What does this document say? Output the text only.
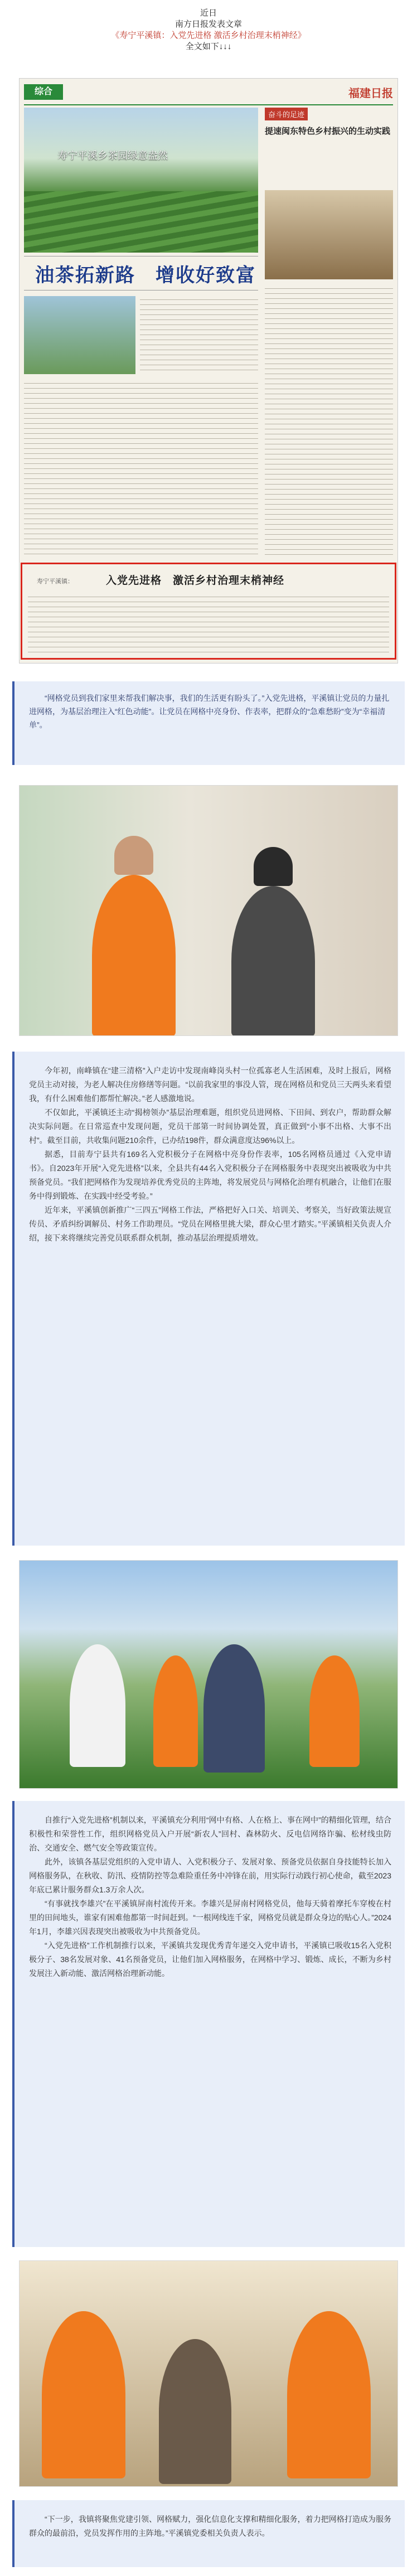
近日
南方日报发表文章
《寿宁平溪镇：入党先进格 激活乡村治理末梢神经》
全文如下↓↓↓
综合	福建日报
寿宁平溪乡茶园绿意盎然
油茶拓新路　增收好致富
奋斗的足迹
提速闽东特色乡村振兴的生动实践
寿宁平溪镇：	入党先进格　激活乡村治理末梢神经

“网格党员到我们家里来帮我们解决事，我们的生活更有盼头了。”入党先进格，平溪镇让党员的力量扎进网格，为基层治理注入“红色动能”。让党员在网格中亮身份、作表率，把群众的“急难愁盼”变为“幸福清单”。

今年初，南峰镇在“建三清格”入户走访中发现南峰岗头村一位孤寡老人生活困难，及时上报后，网格党员主动对接，为老人解决住房修缮等问题。“以前我家里的事没人管，现在网格员和党员三天两头来看望我，有什么困难他们都帮忙解决。”老人感激地说。

不仅如此，平溪镇还主动“揭榜领办”基层治理难题，组织党员进网格、下田间、到农户，帮助群众解决实际问题。在日常巡查中发现问题，党员干部第一时间协调处置，真正做到“小事不出格、大事不出村”。截至目前，共收集问题210余件，已办结198件，群众满意度达96%以上。

据悉，目前寿宁县共有169名入党积极分子在网格中亮身份作表率，105名网格员通过《入党申请书》。自2023年开展“入党先进格”以来，全县共有44名入党积极分子在网格服务中表现突出被吸收为中共预备党员。“我们把网格作为发现培养优秀党员的主阵地，将发展党员与网格化治理有机融合，让他们在服务中得到锻炼、在实践中经受考验。”

近年来，平溪镇创新推广“三四五”网格工作法，严格把好入口关、培训关、考察关，当好政策法规宣传员、矛盾纠纷调解员、村务工作助理员。“党员在网格里挑大梁，群众心里才踏实。”平溪镇相关负责人介绍，接下来将继续完善党员联系群众机制，推动基层治理提质增效。

自推行“入党先进格”机制以来，平溪镇充分利用“网中有格、人在格上、事在网中”的精细化管理，结合积极性和荣誉性工作，组织网格党员入户开展“新农人”回村、森林防火、反电信网络诈骗、松材线虫防治、交通安全、燃气安全等政策宣传。

此外，该镇各基层党组织的入党申请人、入党积极分子、发展对象、预备党员依据自身技能特长加入网格服务队，在秋收、防汛、疫情防控等急难险重任务中冲锋在前，用实际行动践行初心使命，截至2023年底已累计服务群众1.3万余人次。

“有事就找李雄兴”在平溪镇屏南村流传开来。李雄兴是屏南村网格党员，他每天骑着摩托车穿梭在村里的田间地头，谁家有困难他都第一时间赶到。“一根网线连千家，网格党员就是群众身边的贴心人。”2024年1月，李雄兴因表现突出被吸收为中共预备党员。

“入党先进格”工作机制推行以来，平溪镇共发现优秀青年递交入党申请书，平溪镇已吸收15名入党积极分子、38名发展对象、41名预备党员，让他们加入网格服务，在网格中学习、锻炼、成长，不断为乡村发展注入新动能、激活网格治理新动能。

“下一步，我镇将聚焦党建引领、网格赋力，强化信息化支撑和精细化服务，着力把网格打造成为服务群众的最前沿，党员发挥作用的主阵地。”平溪镇党委相关负责人表示。
